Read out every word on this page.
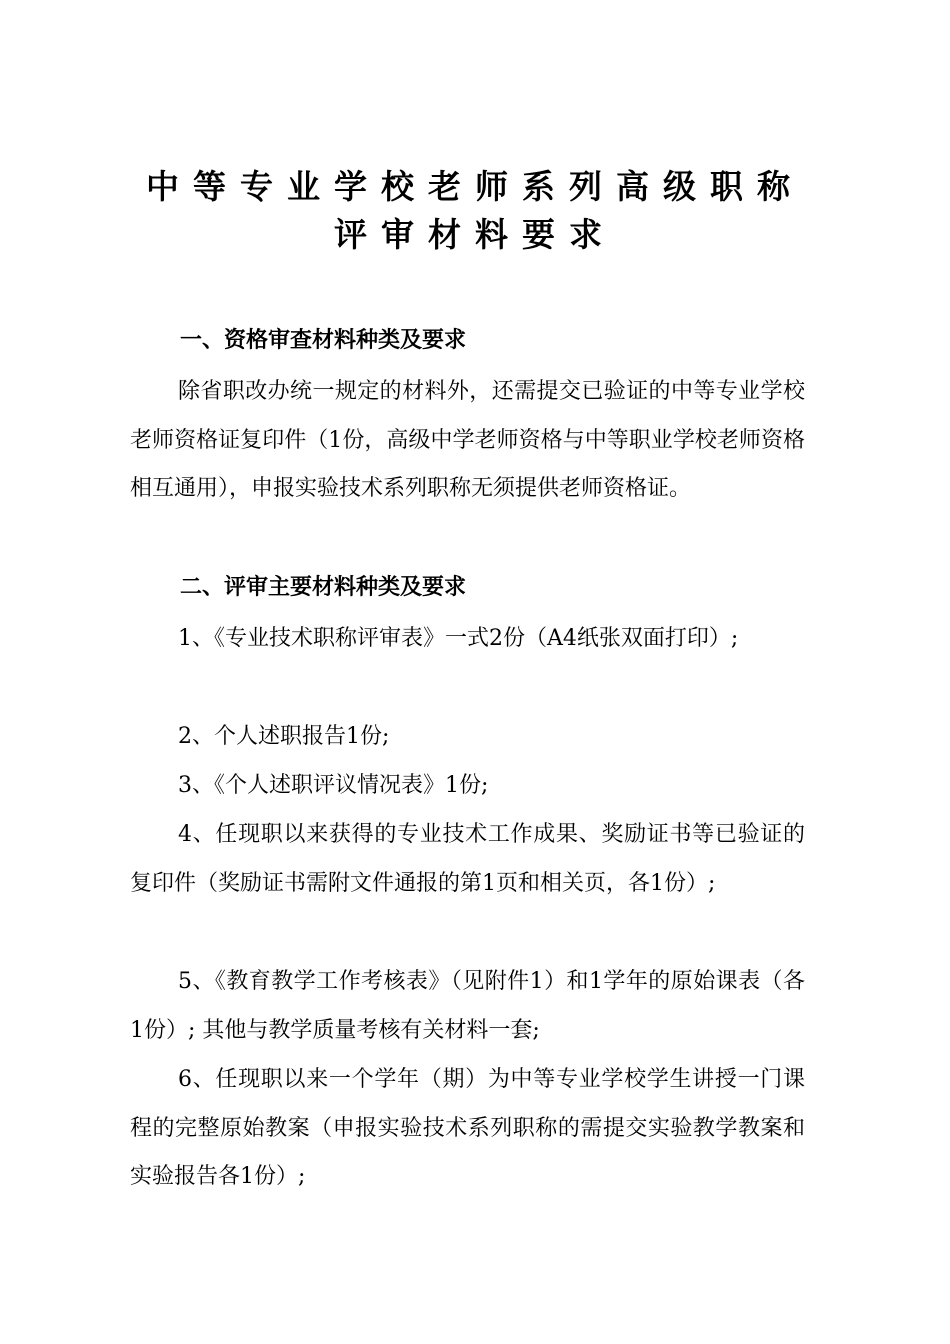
中等专业学校老师系列高级职称
评审材料要求
一、资格审查材料种类及要求

除省职改办统一规定的材料外，还需提交已验证的中等专业学校老师资格证复印件（1份，高级中学老师资格与中等职业学校老师资格相互通用），申报实验技术系列职称无须提供老师资格证。

二、评审主要材料种类及要求

1、《专业技术职称评审表》一式2份（A4纸张双面打印）;

2、个人述职报告1份;

3、《个人述职评议情况表》1份;

4、任现职以来获得的专业技术工作成果、奖励证书等已验证的复印件（奖励证书需附文件通报的第1页和相关页，各1份）;

5、《教育教学工作考核表》（见附件1）和1学年的原始课表（各1份）; 其他与教学质量考核有关材料一套;

6、任现职以来一个学年（期）为中等专业学校学生讲授一门课程的完整原始教案（申报实验技术系列职称的需提交实验教学教案和实验报告各1份）;
